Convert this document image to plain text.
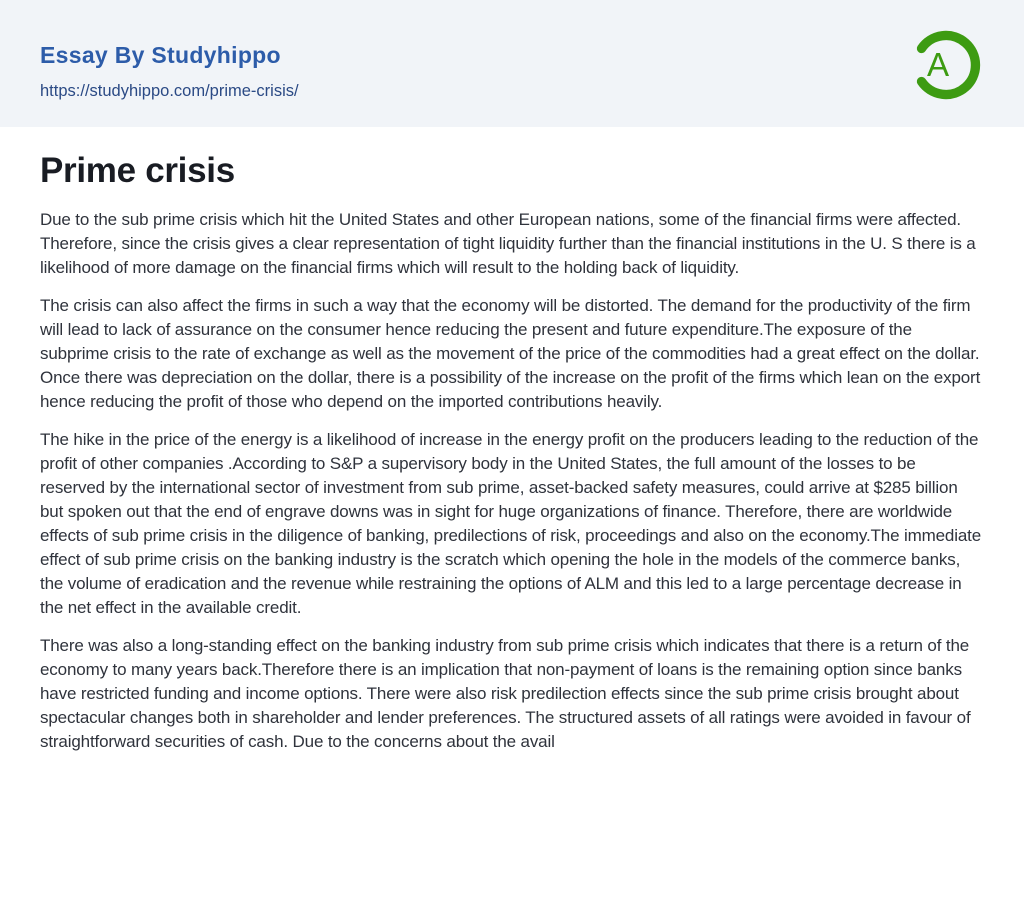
Essay By Studyhippo
https://studyhippo.com/prime-crisis/
A
Prime crisis

Due to the sub prime crisis which hit the United States and other European nations, some of the financial firms were affected. Therefore, since the crisis gives a clear representation of tight liquidity further than the financial institutions in the U. S there is a likelihood of more damage on the financial firms which will result to the holding back of liquidity.

The crisis can also affect the firms in such a way that the economy will be distorted. The demand for the productivity of the firm will lead to lack of assurance on the consumer hence reducing the present and future expenditure.The exposure of the subprime crisis to the rate of exchange as well as the movement of the price of the commodities had a great effect on the dollar. Once there was depreciation on the dollar, there is a possibility of the increase on the profit of the firms which lean on the export hence reducing the profit of those who depend on the imported contributions heavily.

The hike in the price of the energy is a likelihood of increase in the energy profit on the producers leading to the reduction of the profit of other companies .According to S&P a supervisory body in the United States, the full amount of the losses to be reserved by the international sector of investment from sub prime, asset-backed safety measures, could arrive at $285 billion but spoken out that the end of engrave downs was in sight for huge organizations of finance. Therefore, there are worldwide effects of sub prime crisis in the diligence of banking, predilections of risk, proceedings and also on the economy.The immediate effect of sub prime crisis on the banking industry is the scratch which opening the hole in the models of the commerce banks, the volume of eradication and the revenue while restraining the options of ALM and this led to a large percentage decrease in the net effect in the available credit.

There was also a long-standing effect on the banking industry from sub prime crisis which indicates that there is a return of the economy to many years back.Therefore there is an implication that non-payment of loans is the remaining option since banks have restricted funding and income options. There were also risk predilection effects since the sub prime crisis brought about spectacular changes both in shareholder and lender preferences. The structured assets of all ratings were avoided in favour of straightforward securities of cash. Due to the concerns about the avail
